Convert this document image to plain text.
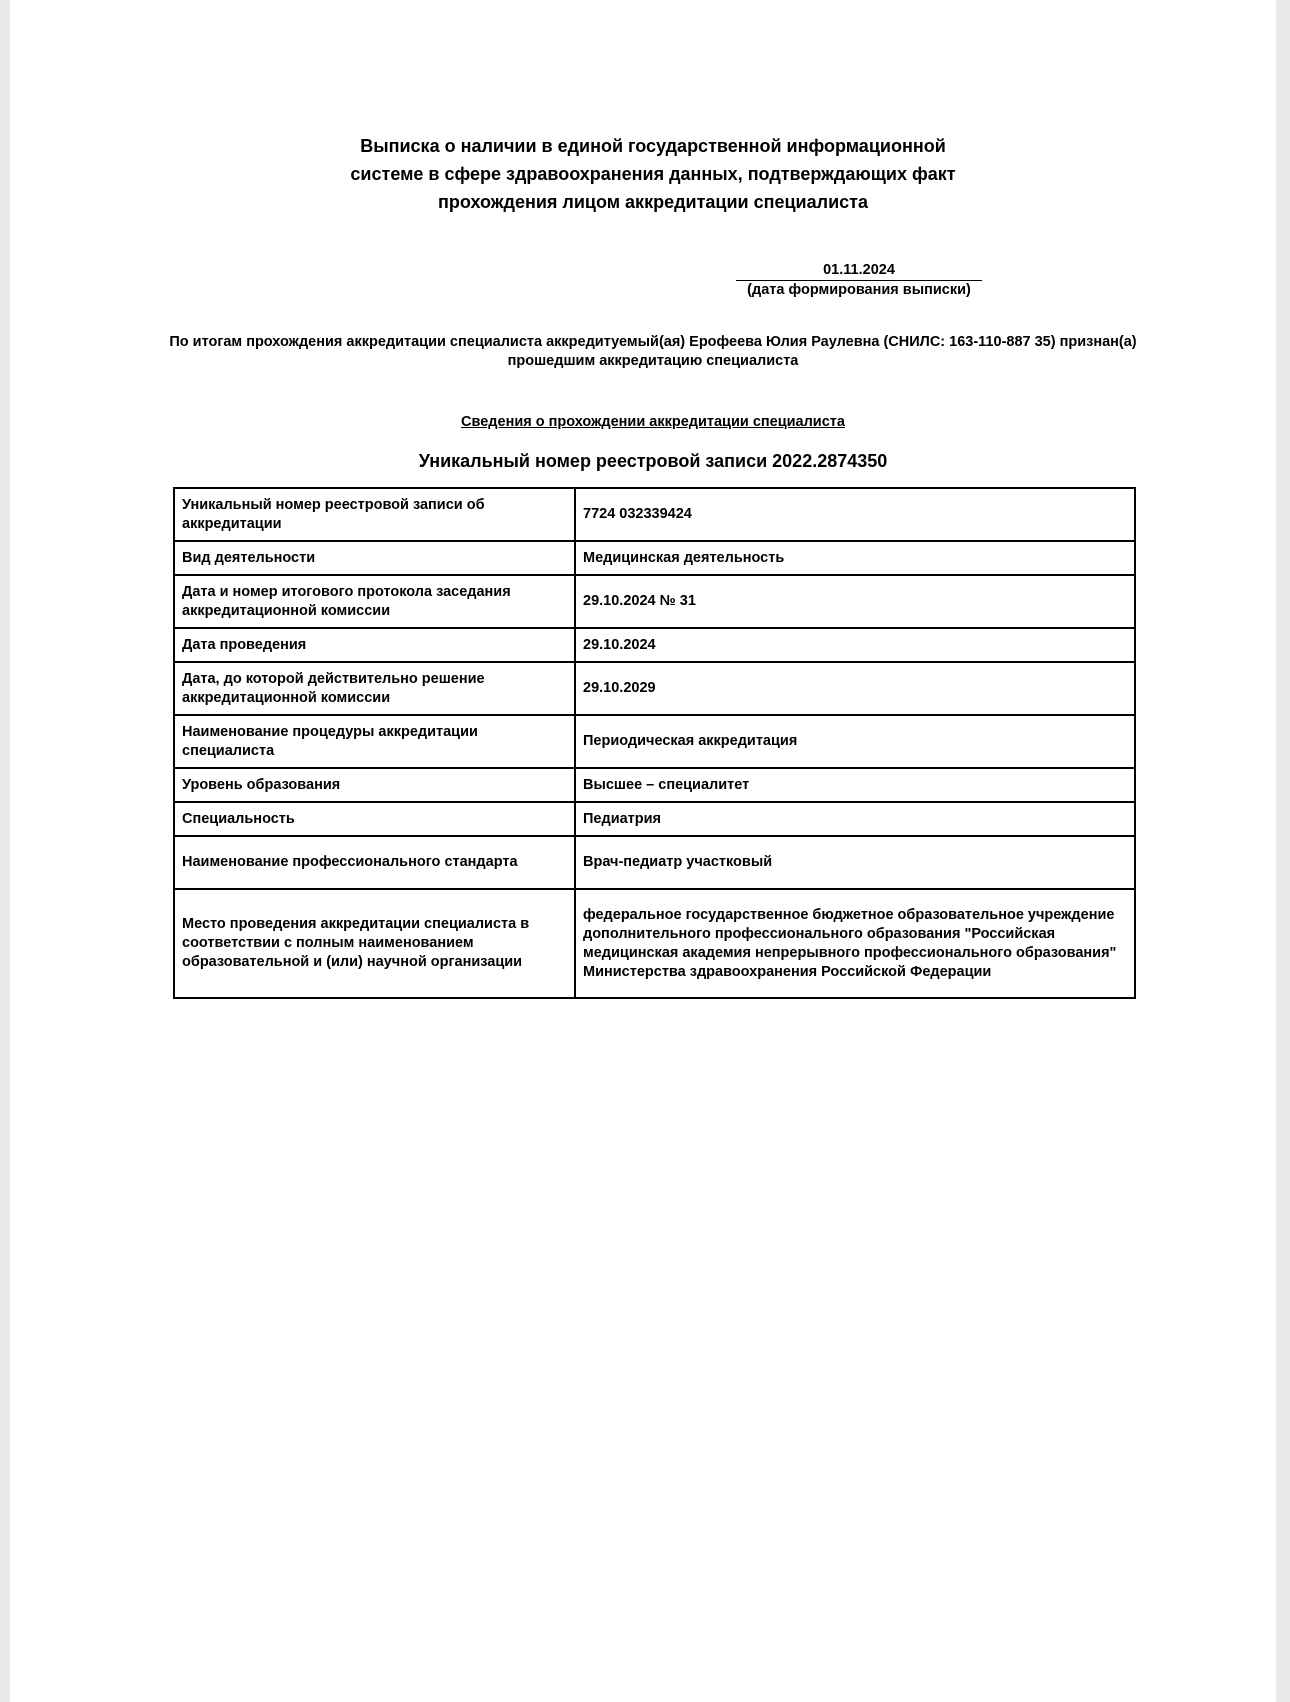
Выписка о наличии в единой государственной информационной
системе в сфере здравоохранения данных, подтверждающих факт
прохождения лицом аккредитации специалиста
01.11.2024
(дата формирования выписки)

По итогам прохождения аккредитации специалиста аккредитуемый(ая) Ерофеева Юлия Раулевна (СНИЛС: 163-110-887 35) признан(а) прошедшим аккредитацию специалиста

Сведения о прохождении аккредитации специалиста
Уникальный номер реестровой записи 2022.2874350
Уникальный номер реестровой записи об аккредитации	7724 032339424
Вид деятельности	Медицинская деятельность
Дата и номер итогового протокола заседания аккредитационной комиссии	29.10.2024 № 31
Дата проведения	29.10.2024
Дата, до которой действительно решение аккредитационной комиссии	29.10.2029
Наименование процедуры аккредитации специалиста	Периодическая аккредитация
Уровень образования	Высшее – специалитет
Специальность	Педиатрия
Наименование профессионального стандарта	Врач-педиатр участковый
Место проведения аккредитации специалиста в соответствии с полным наименованием образовательной и (или) научной организации	федеральное государственное бюджетное образовательное учреждение дополнительного профессионального образования "Российская медицинская академия непрерывного профессионального образования" Министерства здравоохранения Российской Федерации
